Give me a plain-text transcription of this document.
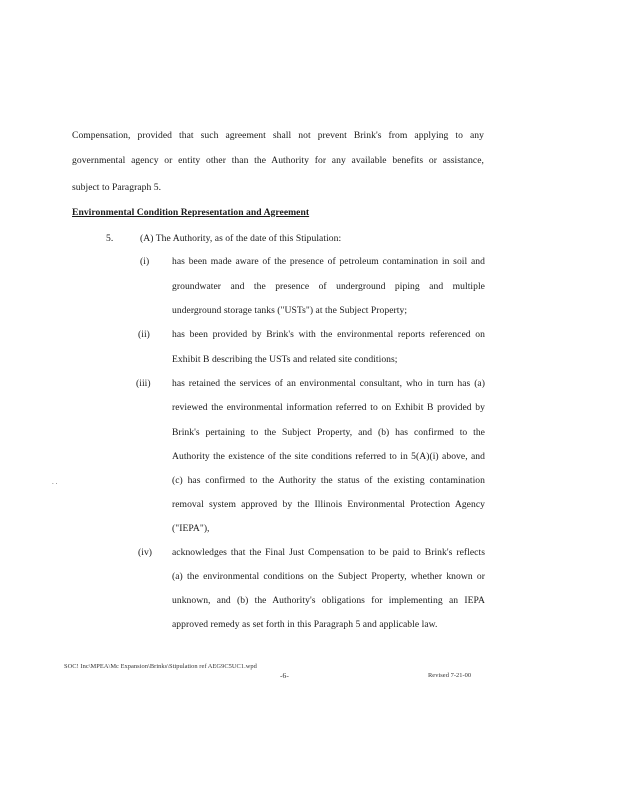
Compensation, provided that such agreement shall not prevent Brink's from applying to any
governmental agency or entity other than the Authority for any available benefits or assistance,
subject to Paragraph 5.
Environmental Condition Representation and Agreement
5.	(A) The Authority, as of the date of this Stipulation:
(i) has been made aware of the presence of petroleum contamination in soil and
groundwater and the presence of underground piping and multiple
underground storage tanks ("USTs") at the Subject Property;
(ii) has been provided by Brink's with the environmental reports referenced on
Exhibit B describing the USTs and related site conditions;
(iii) has retained the services of an environmental consultant, who in turn has (a)
reviewed the environmental information referred to on Exhibit B provided by
Brink's pertaining to the Subject Property, and (b) has confirmed to the
Authority the existence of the site conditions referred to in 5(A)(i) above, and
(c) has confirmed to the Authority the status of the existing contamination
removal system approved by the Illinois Environmental Protection Agency
("IEPA"),
. .
(iv) acknowledges that the Final Just Compensation to be paid to Brink's reflects
(a) the environmental conditions on the Subject Property, whether known or
unknown, and (b) the Authority's obligations for implementing an IEPA
approved remedy as set forth in this Paragraph 5 and applicable law.
SOC! Inc\MPEA\Mc Expansion\Brinks\Stipulation ref AEG9C5UC1.wpd
-6-	Revised 7-21-00
